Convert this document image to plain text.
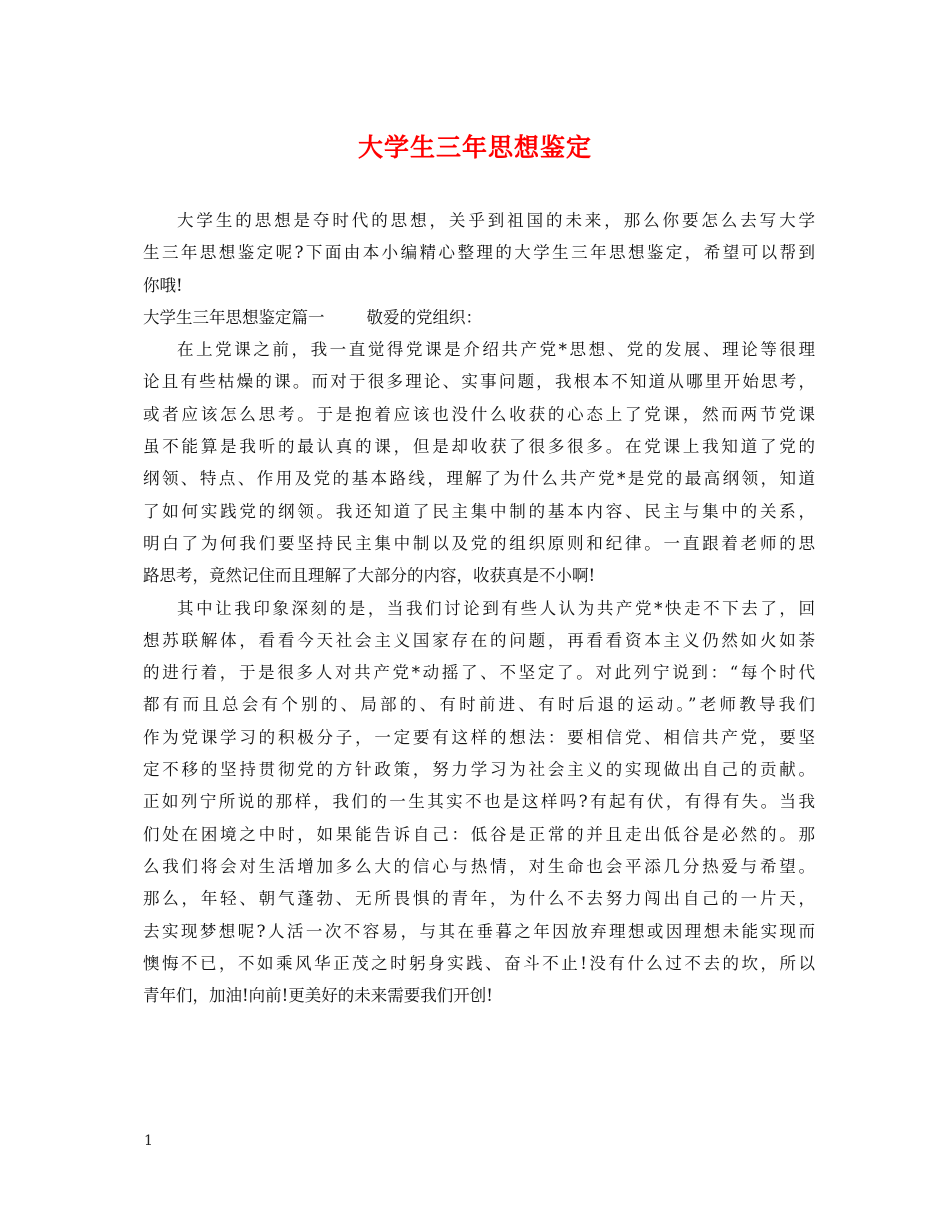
大学生三年思想鉴定
大学生的思想是夺时代的思想，关乎到祖国的未来，那么你要怎么去写大学
生三年思想鉴定呢?下面由本小编精心整理的大学生三年思想鉴定，希望可以帮到
你哦!
大学生三年思想鉴定篇一	敬爱的党组织：
在上党课之前，我一直觉得党课是介绍共产党*思想、党的发展、理论等很理
论且有些枯燥的课。而对于很多理论、实事问题，我根本不知道从哪里开始思考，
或者应该怎么思考。于是抱着应该也没什么收获的心态上了党课，然而两节党课
虽不能算是我听的最认真的课，但是却收获了很多很多。在党课上我知道了党的
纲领、特点、作用及党的基本路线，理解了为什么共产党*是党的最高纲领，知道
了如何实践党的纲领。我还知道了民主集中制的基本内容、民主与集中的关系，
明白了为何我们要坚持民主集中制以及党的组织原则和纪律。一直跟着老师的思
路思考，竟然记住而且理解了大部分的内容，收获真是不小啊!
其中让我印象深刻的是，当我们讨论到有些人认为共产党*快走不下去了，回
想苏联解体，看看今天社会主义国家存在的问题，再看看资本主义仍然如火如荼
的进行着，于是很多人对共产党*动摇了、不坚定了。对此列宁说到：“每个时代
都有而且总会有个别的、局部的、有时前进、有时后退的运动。”老师教导我们
作为党课学习的积极分子，一定要有这样的想法：要相信党、相信共产党，要坚
定不移的坚持贯彻党的方针政策，努力学习为社会主义的实现做出自己的贡献。
正如列宁所说的那样，我们的一生其实不也是这样吗?有起有伏，有得有失。当我
们处在困境之中时，如果能告诉自己：低谷是正常的并且走出低谷是必然的。那
么我们将会对生活增加多么大的信心与热情，对生命也会平添几分热爱与希望。
那么，年轻、朝气蓬勃、无所畏惧的青年，为什么不去努力闯出自己的一片天，
去实现梦想呢?人活一次不容易，与其在垂暮之年因放弃理想或因理想未能实现而
懊悔不已，不如乘风华正茂之时躬身实践、奋斗不止!没有什么过不去的坎，所以
青年们，加油!向前!更美好的未来需要我们开创!
1
